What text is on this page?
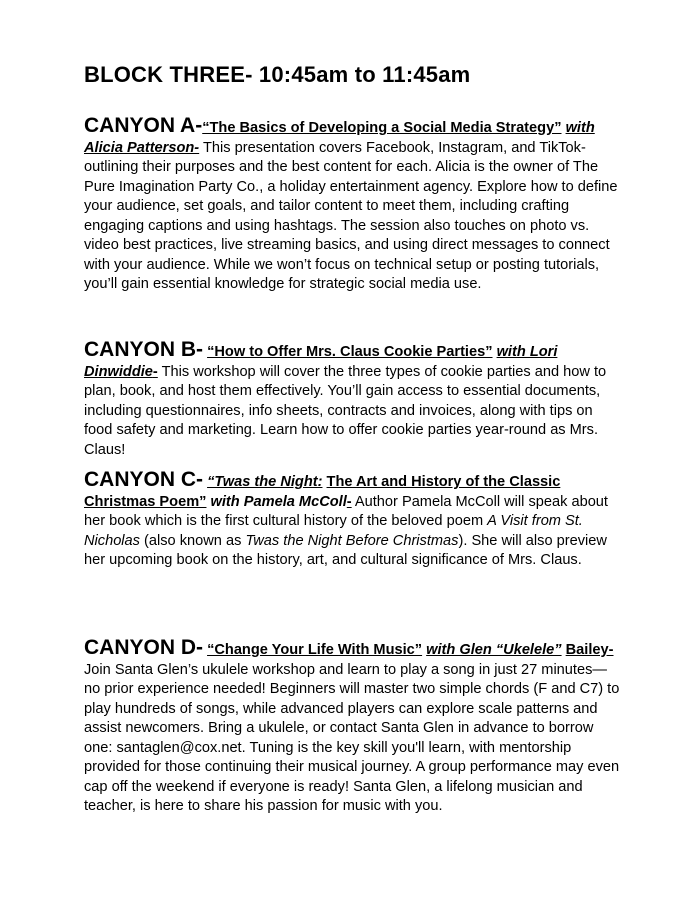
BLOCK THREE- 10:45am to 11:45am

CANYON A-“The Basics of Developing a Social Media Strategy” with Alicia Patterson- This presentation covers Facebook, Instagram, and TikTok- outlining their purposes and the best content for each. Alicia is the owner of The Pure Imagination Party Co., a holiday entertainment agency. Explore how to define your audience, set goals, and tailor content to meet them, including crafting engaging captions and using hashtags. The session also touches on photo vs. video best practices, live streaming basics, and using direct messages to connect with your audience. While we won’t focus on technical setup or posting tutorials, you’ll gain essential knowledge for strategic social media use.

CANYON B- “How to Offer Mrs. Claus Cookie Parties” with Lori Dinwiddie- This workshop will cover the three types of cookie parties and how to plan, book, and host them effectively. You’ll gain access to essential documents, including questionnaires, info sheets, contracts and invoices, along with tips on food safety and marketing. Learn how to offer cookie parties year-round as Mrs. Claus!

CANYON C- “Twas the Night: The Art and History of the Classic Christmas Poem” with Pamela McColl- Author Pamela McColl will speak about her book which is the first cultural history of the beloved poem A Visit from St. Nicholas (also known as Twas the Night Before Christmas). She will also preview her upcoming book on the history, art, and cultural significance of Mrs. Claus.

CANYON D- “Change Your Life With Music” with Glen “Ukelele” Bailey- Join Santa Glen’s ukulele workshop and learn to play a song in just 27 minutes—no prior experience needed! Beginners will master two simple chords (F and C7) to play hundreds of songs, while advanced players can explore scale patterns and assist newcomers. Bring a ukulele, or contact Santa Glen in advance to borrow one: santaglen@cox.net. Tuning is the key skill you'll learn, with mentorship provided for those continuing their musical journey. A group performance may even cap off the weekend if everyone is ready! Santa Glen, a lifelong musician and teacher, is here to share his passion for music with you.
